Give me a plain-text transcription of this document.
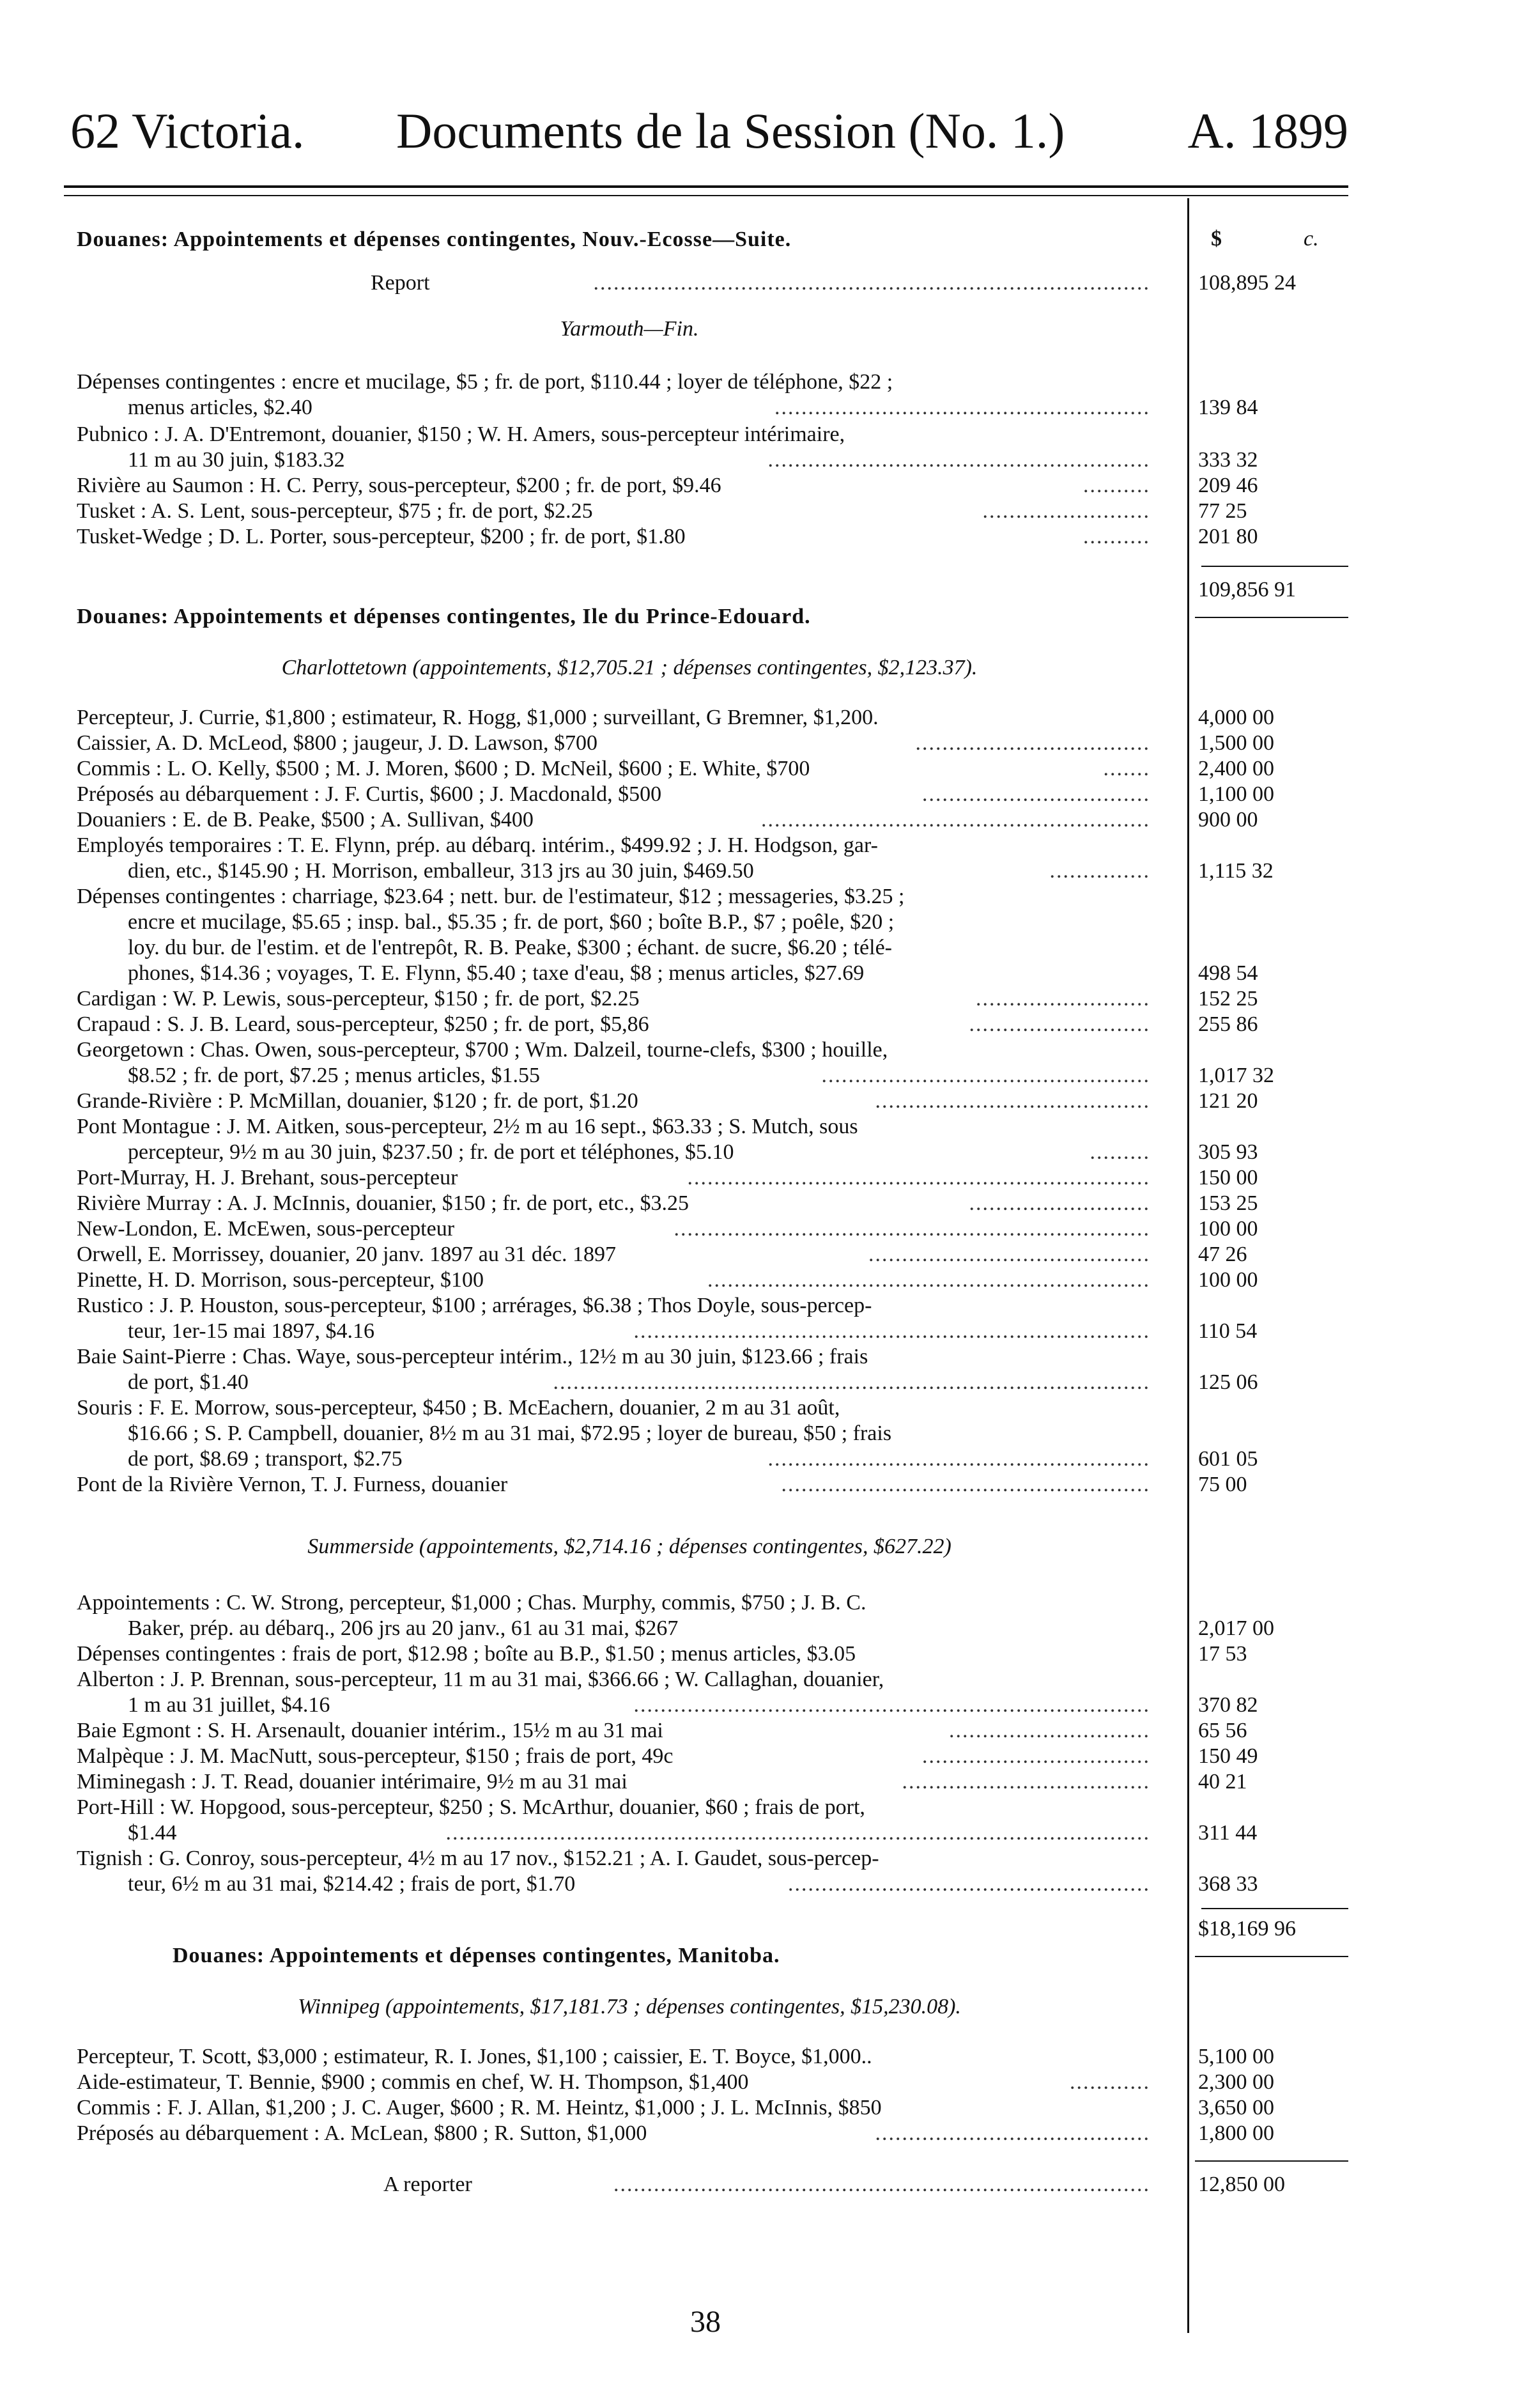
62 Victoria. Documents de la Session (No. 1.) A. 1899
Douanes: Appointements et dépenses contingentes, Nouv.-Ecosse—Suite.	$	c.
Report	................................................................................... 108,895 24
Yarmouth—Fin.
Dépenses contingentes : encre et mucilage, $5 ; fr. de port, $110.44 ; loyer de téléphone, $22 ;
menus articles, $2.40	........................................................ 139 84
Pubnico : J. A. D'Entremont, douanier, $150 ; W. H. Amers, sous-percepteur intérimaire,
11 m au 30 juin, $183.32	......................................................... 333 32
Rivière au Saumon : H. C. Perry, sous-percepteur, $200 ; fr. de port, $9.46	.......... 209 46
Tusket : A. S. Lent, sous-percepteur, $75 ; fr. de port, $2.25	......................... 77 25
Tusket-Wedge ; D. L. Porter, sous-percepteur, $200 ; fr. de port, $1.80	.......... 201 80
109,856 91
Douanes: Appointements et dépenses contingentes, Ile du Prince-Edouard.
Charlottetown (appointements, $12,705.21 ; dépenses contingentes, $2,123.37).
Percepteur, J. Currie, $1,800 ; estimateur, R. Hogg, $1,000 ; surveillant, G Bremner, $1,200.	4,000 00
Caissier, A. D. McLeod, $800 ; jaugeur, J. D. Lawson, $700	................................... 1,500 00
Commis : L. O. Kelly, $500 ; M. J. Moren, $600 ; D. McNeil, $600 ; E. White, $700	....... 2,400 00
Préposés au débarquement : J. F. Curtis, $600 ; J. Macdonald, $500	.................................. 1,100 00
Douaniers : E. de B. Peake, $500 ; A. Sullivan, $400	.......................................................... 900 00
Employés temporaires : T. E. Flynn, prép. au débarq. intérim., $499.92 ; J. H. Hodgson, gar-
dien, etc., $145.90 ; H. Morrison, emballeur, 313 jrs au 30 juin, $469.50	............... 1,115 32
Dépenses contingentes : charriage, $23.64 ; nett. bur. de l'estimateur, $12 ; messageries, $3.25 ;
encre et mucilage, $5.65 ; insp. bal., $5.35 ; fr. de port, $60 ; boîte B.P., $7 ; poêle, $20 ;
loy. du bur. de l'estim. et de l'entrepôt, R. B. Peake, $300 ; échant. de sucre, $6.20 ; télé-
phones, $14.36 ; voyages, T. E. Flynn, $5.40 ; taxe d'eau, $8 ; menus articles, $27.69	498 54
Cardigan : W. P. Lewis, sous-percepteur, $150 ; fr. de port, $2.25	.......................... 152 25
Crapaud : S. J. B. Leard, sous-percepteur, $250 ; fr. de port, $5,86	........................... 255 86
Georgetown : Chas. Owen, sous-percepteur, $700 ; Wm. Dalzeil, tourne-clefs, $300 ; houille,
$8.52 ; fr. de port, $7.25 ; menus articles, $1.55	................................................. 1,017 32
Grande-Rivière : P. McMillan, douanier, $120 ; fr. de port, $1.20	......................................... 121 20
Pont Montague : J. M. Aitken, sous-percepteur, 2½ m au 16 sept., $63.33 ; S. Mutch, sous
percepteur, 9½ m au 30 juin, $237.50 ; fr. de port et téléphones, $5.10	......... 305 93
Port-Murray, H. J. Brehant, sous-percepteur	..................................................................... 150 00
Rivière Murray : A. J. McInnis, douanier, $150 ; fr. de port, etc., $3.25	........................... 153 25
New-London, E. McEwen, sous-percepteur	....................................................................... 100 00
Orwell, E. Morrissey, douanier, 20 janv. 1897 au 31 déc. 1897	.......................................... 47 26
Pinette, H. D. Morrison, sous-percepteur, $100	.................................................................. 100 00
Rustico : J. P. Houston, sous-percepteur, $100 ; arrérages, $6.38 ; Thos Doyle, sous-percep-
teur, 1er-15 mai 1897, $4.16	............................................................................. 110 54
Baie Saint-Pierre : Chas. Waye, sous-percepteur intérim., 12½ m au 30 juin, $123.66 ; frais
de port, $1.40	......................................................................................... 125 06
Souris : F. E. Morrow, sous-percepteur, $450 ; B. McEachern, douanier, 2 m au 31 août,
$16.66 ; S. P. Campbell, douanier, 8½ m au 31 mai, $72.95 ; loyer de bureau, $50 ; frais
de port, $8.69 ; transport, $2.75	......................................................... 601 05
Pont de la Rivière Vernon, T. J. Furness, douanier	....................................................... 75 00
Summerside (appointements, $2,714.16 ; dépenses contingentes, $627.22)
Appointements : C. W. Strong, percepteur, $1,000 ; Chas. Murphy, commis, $750 ; J. B. C.
Baker, prép. au débarq., 206 jrs au 20 janv., 61 au 31 mai, $267	2,017 00
Dépenses contingentes : frais de port, $12.98 ; boîte au B.P., $1.50 ; menus articles, $3.05	17 53
Alberton : J. P. Brennan, sous-percepteur, 11 m au 31 mai, $366.66 ; W. Callaghan, douanier,
1 m au 31 juillet, $4.16	............................................................................. 370 82
Baie Egmont : S. H. Arsenault, douanier intérim., 15½ m au 31 mai	.............................. 65 56
Malpèque : J. M. MacNutt, sous-percepteur, $150 ; frais de port, 49c	.................................. 150 49
Miminegash : J. T. Read, douanier intérimaire, 9½ m au 31 mai	..................................... 40 21
Port-Hill : W. Hopgood, sous-percepteur, $250 ; S. McArthur, douanier, $60 ; frais de port,
$1.44	......................................................................................................... 311 44
Tignish : G. Conroy, sous-percepteur, 4½ m au 17 nov., $152.21 ; A. I. Gaudet, sous-percep-
teur, 6½ m au 31 mai, $214.42 ; frais de port, $1.70	...................................................... 368 33
$18,169 96
Douanes: Appointements et dépenses contingentes, Manitoba.
Winnipeg (appointements, $17,181.73 ; dépenses contingentes, $15,230.08).
Percepteur, T. Scott, $3,000 ; estimateur, R. I. Jones, $1,100 ; caissier, E. T. Boyce, $1,000..	5,100 00
Aide-estimateur, T. Bennie, $900 ; commis en chef, W. H. Thompson, $1,400	............ 2,300 00
Commis : F. J. Allan, $1,200 ; J. C. Auger, $600 ; R. M. Heintz, $1,000 ; J. L. McInnis, $850	3,650 00
Préposés au débarquement : A. McLean, $800 ; R. Sutton, $1,000	......................................... 1,800 00
A reporter	................................................................................ 12,850 00
38
